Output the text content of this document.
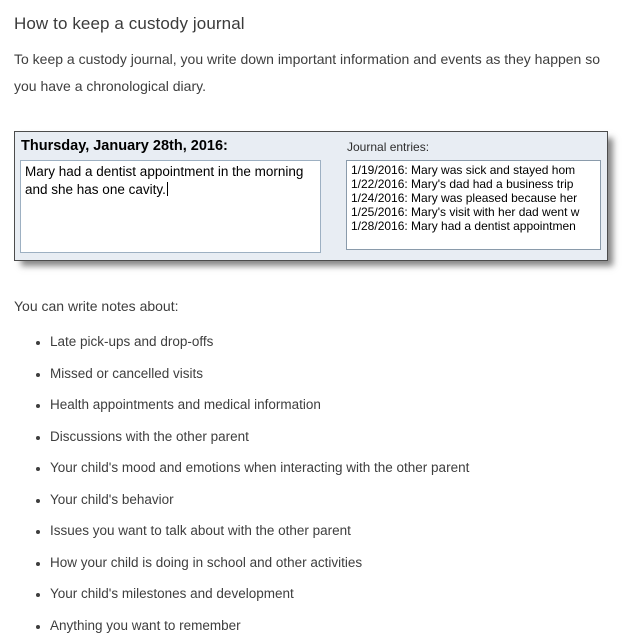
How to keep a custody journal

To keep a custody journal, you write down important information and events as they happen so you have a chronological diary.

Thursday, January 28th, 2016:
Mary had a dentist appointment in the morning and she has one cavity.
Journal entries:
1/19/2016: Mary was sick and stayed hom
1/22/2016: Mary's dad had a business trip
1/24/2016: Mary was pleased because her
1/25/2016: Mary's visit with her dad went w
1/28/2016: Mary had a dentist appointmen

You can write notes about:

• Late pick-ups and drop-offs
• Missed or cancelled visits
• Health appointments and medical information
• Discussions with the other parent
• Your child's mood and emotions when interacting with the other parent
• Your child's behavior
• Issues you want to talk about with the other parent
• How your child is doing in school and other activities
• Your child's milestones and development
• Anything you want to remember
